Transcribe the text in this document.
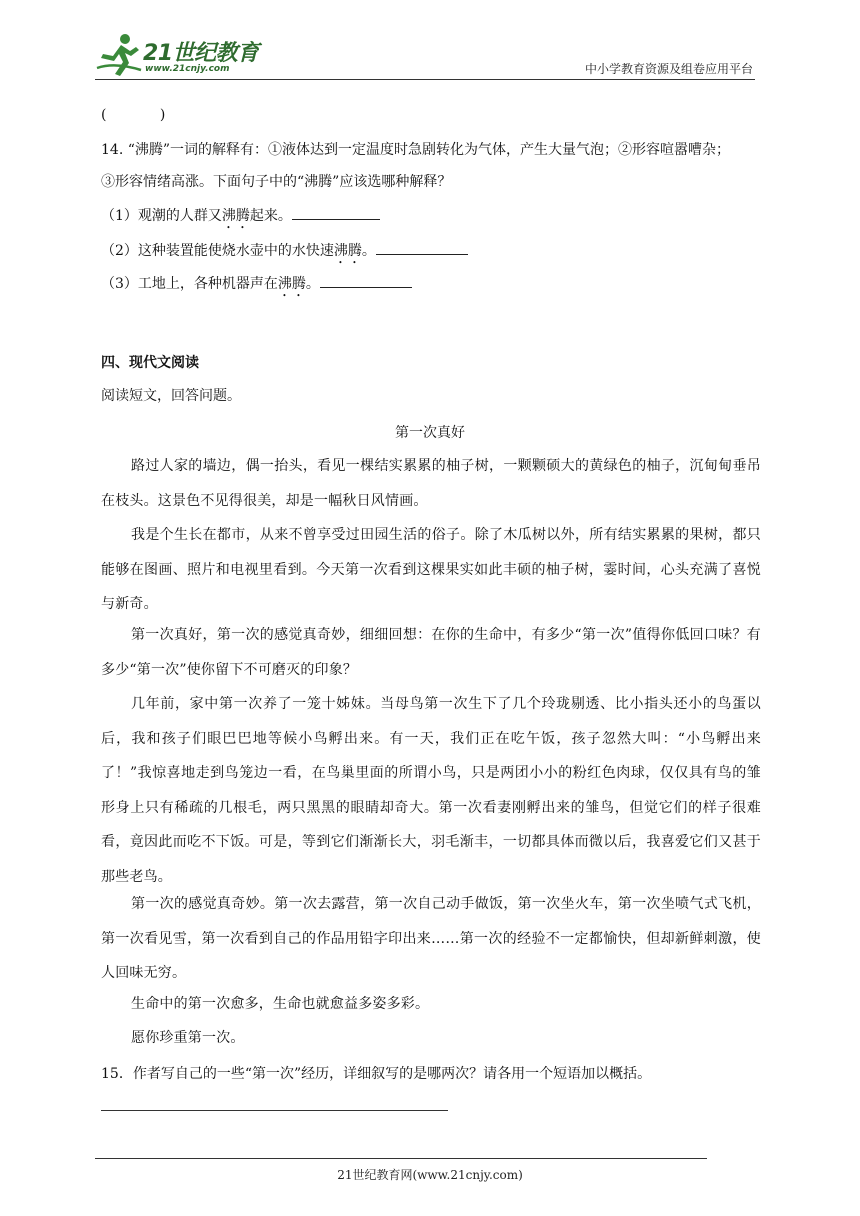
21世纪教育
www.21cnjy.com	中小学教育资源及组卷应用平台
(            )
14. “沸腾”一词的解释有：①液体达到一定温度时急剧转化为气体，产生大量气泡；②形容喧嚣嘈杂；
③形容情绪高涨。下面句子中的“沸腾”应该选哪种解释？
（1）观潮的人群又沸腾起来。
（2）这种装置能使烧水壶中的水快速沸腾。
（3）工地上，各种机器声在沸腾。
四、现代文阅读
阅读短文，回答问题。
第一次真好

路过人家的墙边，偶一抬头，看见一棵结实累累的柚子树，一颗颗硕大的黄绿色的柚子，沉甸甸垂吊在枝头。这景色不见得很美，却是一幅秋日风情画。

我是个生长在都市，从来不曾享受过田园生活的俗子。除了木瓜树以外，所有结实累累的果树，都只能够在图画、照片和电视里看到。今天第一次看到这棵果实如此丰硕的柚子树，霎时间，心头充满了喜悦与新奇。

第一次真好，第一次的感觉真奇妙，细细回想：在你的生命中，有多少“第一次”值得你低回口味？有多少“第一次”使你留下不可磨灭的印象？

几年前，家中第一次养了一笼十姊妹。当母鸟第一次生下了几个玲珑剔透、比小指头还小的鸟蛋以后，我和孩子们眼巴巴地等候小鸟孵出来。有一天，我们正在吃午饭，孩子忽然大叫：“小鸟孵出来了！”我惊喜地走到鸟笼边一看，在鸟巢里面的所谓小鸟，只是两团小小的粉红色肉球，仅仅具有鸟的雏形身上只有稀疏的几根毛，两只黑黑的眼睛却奇大。第一次看妻刚孵出来的雏鸟，但觉它们的样子很难看，竟因此而吃不下饭。可是，等到它们渐渐长大，羽毛渐丰，一切都具体而微以后，我喜爱它们又甚于那些老鸟。

第一次的感觉真奇妙。第一次去露营，第一次自己动手做饭，第一次坐火车，第一次坐喷气式飞机，第一次看见雪，第一次看到自己的作品用铅字印出来……第一次的经验不一定都愉快，但却新鲜刺激，使人回味无穷。

生命中的第一次愈多，生命也就愈益多姿多彩。

愿你珍重第一次。

15．作者写自己的一些“第一次”经历，详细叙写的是哪两次？请各用一个短语加以概括。
21世纪教育网(www.21cnjy.com)
